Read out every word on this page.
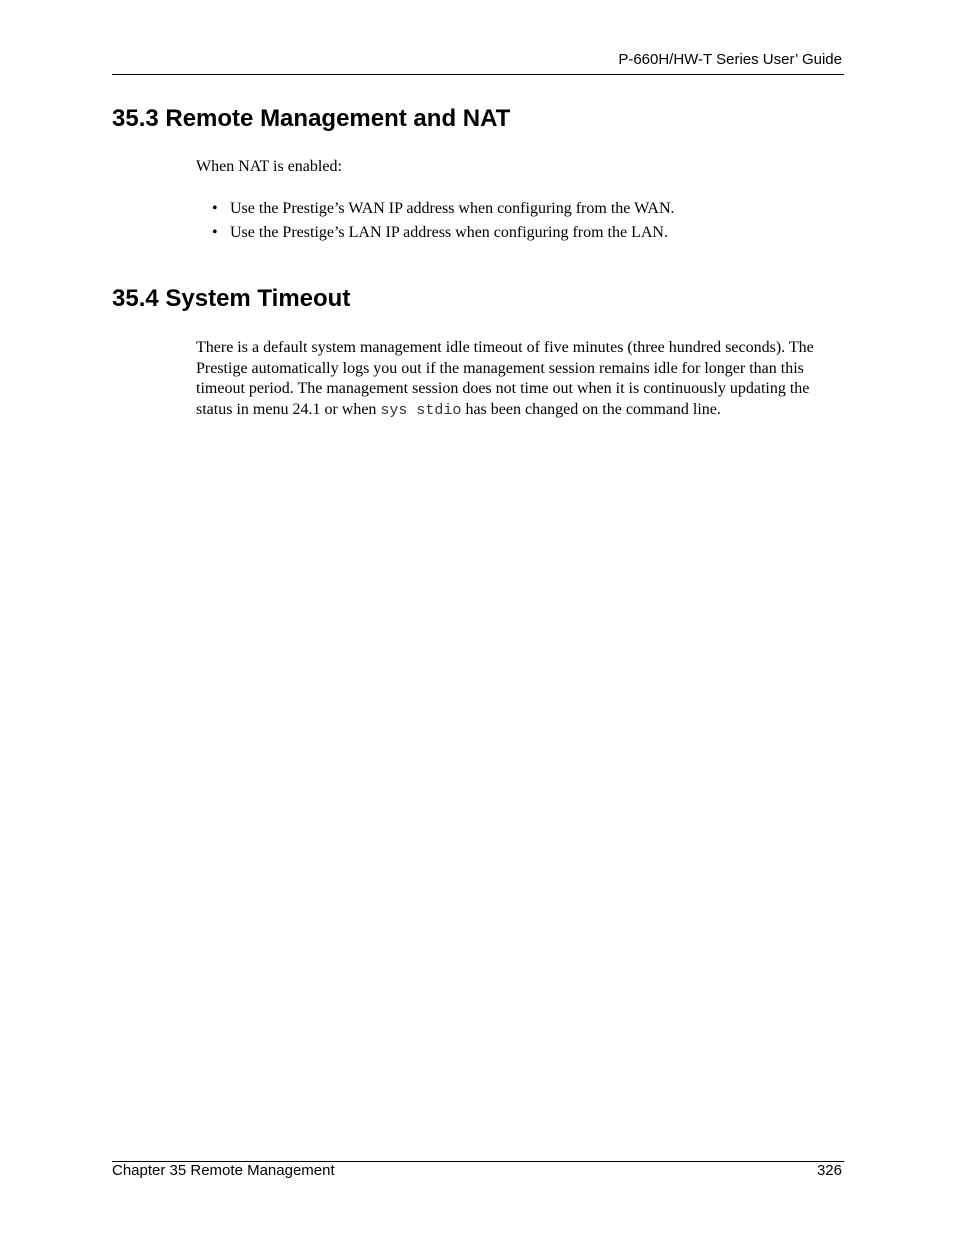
P-660H/HW-T Series User’ Guide
35.3 Remote Management and NAT

When NAT is enabled:

• Use the Prestige’s WAN IP address when configuring from the WAN.
• Use the Prestige’s LAN IP address when configuring from the LAN.
35.4 System Timeout

There is a default system management idle timeout of five minutes (three hundred seconds). The Prestige automatically logs you out if the management session remains idle for longer than this timeout period. The management session does not time out when it is continuously updating the status in menu 24.1 or when sys stdio has been changed on the command line.

Chapter 35 Remote Management	326
